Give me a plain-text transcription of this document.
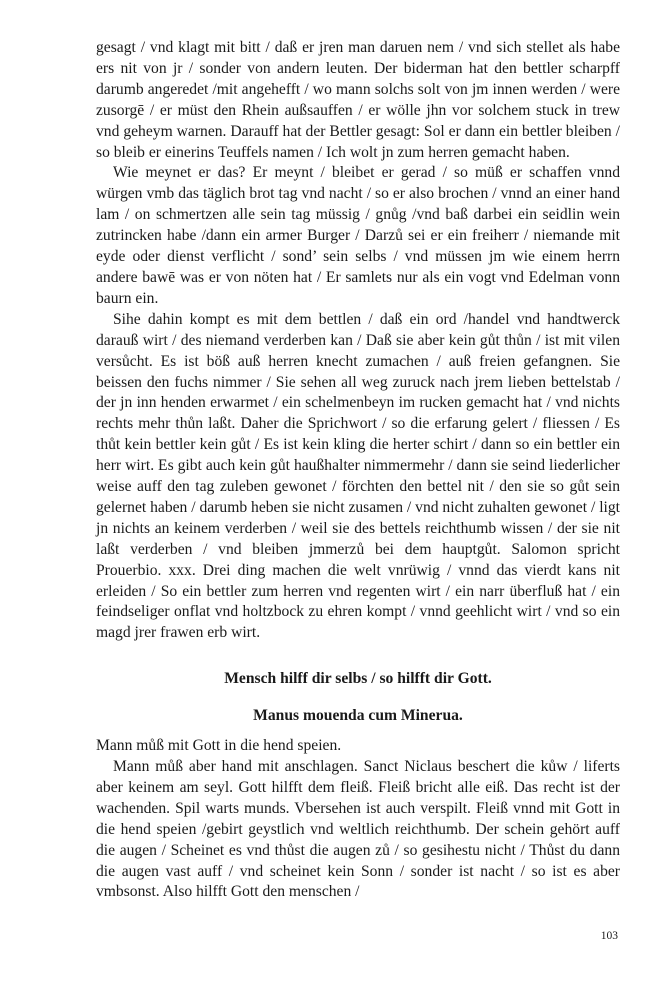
gesagt / vnd klagt mit bitt / daß er jren man daruen nem / vnd sich stellet als habe ers nit von jr / sonder von andern leuten. Der biderman hat den bettler scharpff darumb angeredet /mit angehefft / wo mann solchs solt von jm innen werden / were zusorgē / er müst den Rhein außsauffen / er wölle jhn vor solchem stuck in trew vnd geheym warnen. Darauff hat der Bettler gesagt: Sol er dann ein bettler bleiben / so bleib er einerins Teuffels namen / Ich wolt jn zum herren gemacht haben.

Wie meynet er das? Er meynt / bleibet er gerad / so müß er schaffen vnnd würgen vmb das täglich brot tag vnd nacht / so er also brochen / vnnd an einer hand lam / on schmertzen alle sein tag müssig / gnůg /vnd baß darbei ein seidlin wein zutrincken habe /dann ein armer Burger / Darzů sei er ein freiherr / niemande mit eyde oder dienst verflicht / sond’ sein selbs / vnd müssen jm wie einem herrn andere bawē was er von nöten hat / Er samlets nur als ein vogt vnd Edelman vonn baurn ein.

Sihe dahin kompt es mit dem bettlen / daß ein ord /handel vnd handtwerck darauß wirt / des niemand verderben kan / Daß sie aber kein gůt thůn / ist mit vilen versůcht. Es ist böß auß herren knecht zumachen / auß freien gefangnen. Sie beissen den fuchs nimmer / Sie sehen all weg zuruck nach jrem lieben bettelstab / der jn inn henden erwarmet / ein schelmenbeyn im rucken gemacht hat / vnd nichts rechts mehr thůn laßt. Daher die Sprichwort / so die erfarung gelert / fliessen / Es thůt kein bettler kein gůt / Es ist kein kling die herter schirt / dann so ein bettler ein herr wirt. Es gibt auch kein gůt haußhalter nimmermehr / dann sie seind liederlicher weise auff den tag zuleben gewonet / förchten den bettel nit / den sie so gůt sein gelernet haben / darumb heben sie nicht zusamen / vnd nicht zuhalten gewonet / ligt jn nichts an keinem verderben / weil sie des bettels reichthumb wissen / der sie nit laßt verderben / vnd bleiben jmmerzů bei dem hauptgůt. Salomon spricht Prouerbio. xxx. Drei ding machen die welt vnrüwig / vnnd das vierdt kans nit erleiden / So ein bettler zum herren vnd regenten wirt / ein narr überfluß hat / ein feindseliger onflat vnd holtzbock zu ehren kompt / vnnd geehlicht wirt / vnd so ein magd jrer frawen erb wirt.

Mensch hilff dir selbs / so hilfft dir Gott.

Manus mouenda cum Minerua.

Mann můß mit Gott in die hend speien.

Mann můß aber hand mit anschlagen. Sanct Niclaus beschert die kůw / liferts aber keinem am seyl. Gott hilfft dem fleiß. Fleiß bricht alle eiß. Das recht ist der wachenden. Spil warts munds. Vbersehen ist auch verspilt. Fleiß vnnd mit Gott in die hend speien /gebirt geystlich vnd weltlich reichthumb. Der schein gehört auff die augen / Scheinet es vnd thůst die augen zů / so gesihestu nicht / Thůst du dann die augen vast auff / vnd scheinet kein Sonn / sonder ist nacht / so ist es aber vmbsonst. Also hilfft Gott den menschen /

103
